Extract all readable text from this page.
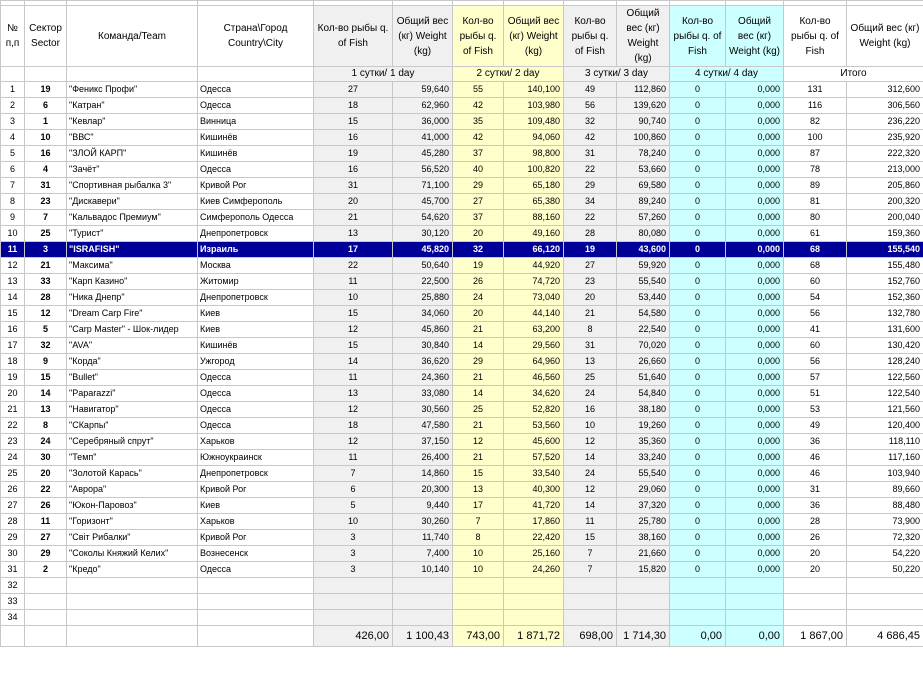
№ п,п	Сектор Sector	Команда/Team	Страна\Город Country\City	Кол-во рыбы q. of Fish	Общий вес (кг) Weight (kg)	Кол-во рыбы q. of Fish	Общий вес (кг) Weight (kg)	Кол-во рыбы q. of Fish	Общий вес (кг) Weight (kg)	Кол-во рыбы q. of Fish	Общий вес (кг) Weight (kg)	Кол-во рыбы q. of Fish	Общий вес (кг) Weight (kg)
				1 сутки/ 1 day		2 сутки/ 2 day		3 сутки/ 3 day		4 сутки/ 4 day		Итого	
1	19	"Феникс Профи"	Одесса	27	59,640	55	140,100	49	112,860	0	0,000	131	312,600
2	6	"Катран"	Одесса	18	62,960	42	103,980	56	139,620	0	0,000	116	306,560
3	1	"Кевлар"	Винница	15	36,000	35	109,480	32	90,740	0	0,000	82	236,220
4	10	"ВВС"	Кишинёв	16	41,000	42	94,060	42	100,860	0	0,000	100	235,920
5	16	"ЗЛОЙ КАРП"	Кишинёв	19	45,280	37	98,800	31	78,240	0	0,000	87	222,320
6	4	"Зачёт"	Одесса	16	56,520	40	100,820	22	53,660	0	0,000	78	213,000
7	31	"Спортивная рыбалка 3"	Кривой Рог	31	71,100	29	65,180	29	69,580	0	0,000	89	205,860
8	23	"Дискавери"	Киев Симферополь	20	45,700	27	65,380	34	89,240	0	0,000	81	200,320
9	7	"Кальвадос Премиум"	Симферополь Одесса	21	54,620	37	88,160	22	57,260	0	0,000	80	200,040
10	25	"Турист"	Днепропетровск	13	30,120	20	49,160	28	80,080	0	0,000	61	159,360
11	3	"ISRAFISH"	Израиль	17	45,820	32	66,120	19	43,600	0	0,000	68	155,540
12	21	"Максима"	Москва	22	50,640	19	44,920	27	59,920	0	0,000	68	155,480
13	33	"Карп Казино"	Житомир	11	22,500	26	74,720	23	55,540	0	0,000	60	152,760
14	28	"Ника Днепр"	Днепропетровск	10	25,880	24	73,040	20	53,440	0	0,000	54	152,360
15	12	"Dream Carp Fire"	Киев	15	34,060	20	44,140	21	54,580	0	0,000	56	132,780
16	5	"Carp Master" - Шок-лидер	Киев	12	45,860	21	63,200	8	22,540	0	0,000	41	131,600
17	32	"AVA"	Кишинёв	15	30,840	14	29,560	31	70,020	0	0,000	60	130,420
18	9	"Корда"	Ужгород	14	36,620	29	64,960	13	26,660	0	0,000	56	128,240
19	15	"Bullet"	Одесса	11	24,360	21	46,560	25	51,640	0	0,000	57	122,560
20	14	"Paparazzi"	Одесса	13	33,080	14	34,620	24	54,840	0	0,000	51	122,540
21	13	"Навигатор"	Одесса	12	30,560	25	52,820	16	38,180	0	0,000	53	121,560
22	8	"СКарпы"	Одесса	18	47,580	21	53,560	10	19,260	0	0,000	49	120,400
23	24	"Серебряный спрут"	Харьков	12	37,150	12	45,600	12	35,360	0	0,000	36	118,110
24	30	"Темп"	Южноукраинск	11	26,400	21	57,520	14	33,240	0	0,000	46	117,160
25	20	"Золотой Карась"	Днепропетровск	7	14,860	15	33,540	24	55,540	0	0,000	46	103,940
26	22	"Аврора"	Кривой Рог	6	20,300	13	40,300	12	29,060	0	0,000	31	89,660
27	26	"Юкон-Паровоз"	Киев	5	9,440	17	41,720	14	37,320	0	0,000	36	88,480
28	11	"Горизонт"	Харьков	10	30,260	7	17,860	11	25,780	0	0,000	28	73,900
29	27	"Світ Рибалки"	Кривой Рог	3	11,740	8	22,420	15	38,160	0	0,000	26	72,320
30	29	"Соколы Княжий Келих"	Вознесенск	3	7,400	10	25,160	7	21,660	0	0,000	20	54,220
31	2	"Кредо"	Одесса	3	10,140	10	24,260	7	15,820	0	0,000	20	50,220
32													
33													
34													
				426,00	1 100,43	743,00	1 871,72	698,00	1 714,30	0,00	0,00	1 867,00	4 686,45
